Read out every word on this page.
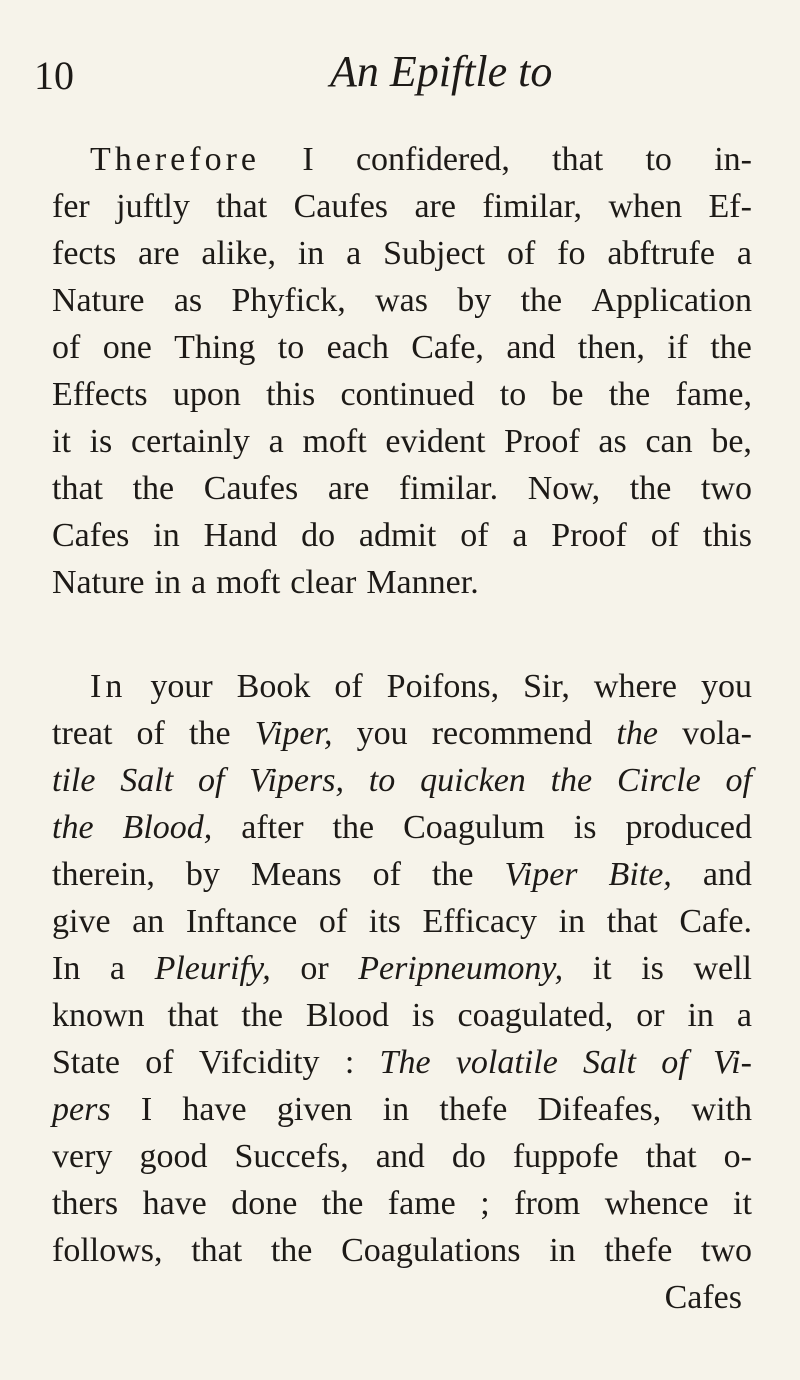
10	An Epiftle to
Therefore I confidered, that to in-
fer juftly that Caufes are fimilar, when Ef-
fects are alike, in a Subject of fo abftrufe a
Nature as Phyfick, was by the Application
of one Thing to each Cafe, and then, if the
Effects upon this continued to be the fame,
it is certainly a moft evident Proof as can be,
that the Caufes are fimilar. Now, the two
Cafes in Hand do admit of a Proof of this
Nature in a moft clear Manner.
In your Book of Poifons, Sir, where you
treat of the Viper, you recommend the vola-
tile Salt of Vipers, to quicken the Circle of
the Blood, after the Coagulum is produced
therein, by Means of the Viper Bite, and
give an Inftance of its Efficacy in that Cafe.
In a Pleurify, or Peripneumony, it is well
known that the Blood is coagulated, or in a
State of Vifcidity : The volatile Salt of Vi-
pers I have given in thefe Difeafes, with
very good Succefs, and do fuppofe that o-
thers have done the fame ; from whence it
follows, that the Coagulations in thefe two
Cafes
